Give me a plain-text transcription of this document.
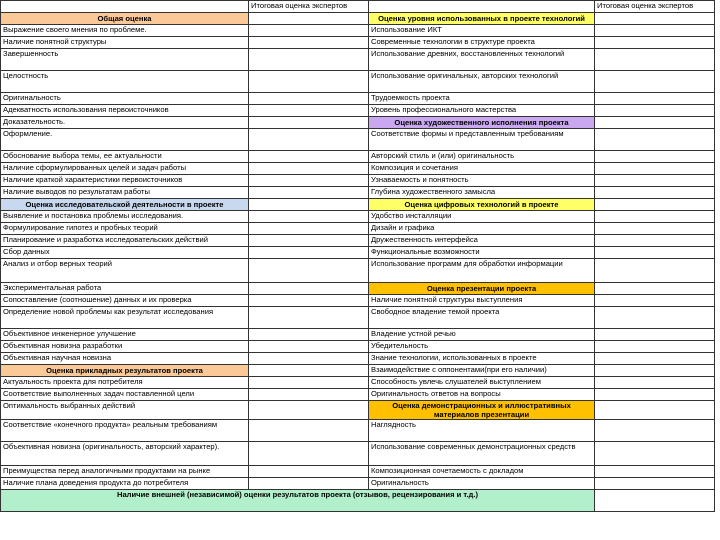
	Итоговая оценка экспертов		Итоговая оценка экспертов
Общая оценка		Оценка уровня использованных в проекте технологий	
Выражение своего мнения по проблеме.		Использование ИКТ	
Наличие понятной структуры		Современные технологии в структуре проекта	
Завершенность		Использование древних, восстановленных технологий	
Целостность		Использование оригинальных, авторских технологий	
Оригинальность		Трудоемкость проекта	
Адекватность использования первоисточников		Уровень профессионального мастерства	
Доказательность.		Оценка художественного исполнения проекта	
Оформление.		Соответствие формы и представленным требованиям	
Обоснование выбора темы, ее актуальности		Авторский стиль и (или) оригинальность	
Наличие сформулированных целей и задач работы		Композиция и сочетания	
Наличие краткой характеристики первоисточников		Узнаваемость и понятность	
Наличие выводов по результатам работы		Глубина художественного замысла	
Оценка исследовательской деятельности в проекте		Оценка цифровых технологий в проекте	
Выявление и постановка проблемы исследования.		Удобство инсталляции	
Формулирование гипотез и пробных теорий		Дизайн и графика	
Планирование и разработка исследовательских действий		Дружественность интерфейса	
Сбор данных		Функциональные возможности	
Анализ и отбор верных теорий		Использование программ для обработки информации	
Экспериментальная работа		Оценка презентации проекта	
Сопоставление (соотношение) данных и их проверка		Наличие понятной структуры выступления	
Определение новой проблемы как результат исследования		Свободное владение темой проекта	
Объективное инженерное улучшение		Владение устной речью	
Объективная новизна разработки		Убедительность	
Объективная научная новизна		Знание технологии, использованных в проекте	
Оценка прикладных результатов проекта		Взаимодействие с оппонентами(при его наличии)	
Актуальность проекта для потребителя		Способность увлечь слушателей выступлением	
Соответствие выполненных задач поставленной цели		Оригинальность ответов на вопросы	
Оптимальность выбранных действий		Оценка демонстрационных и иллюстративных материалов презентации	
Соответствие «конечного продукта» реальным требованиям		Наглядность	
Объективная новизна (оригинальность, авторский характер).		Использование современных демонстрационных средств	
Преимущества перед аналогичными продуктами на рынке		Композиционная сочетаемость с докладом	
Наличие плана доведения продукта до потребителя		Оригинальность	
Наличие внешней (независимой) оценки результатов проекта (отзывов, рецензирования и т.д.)			
